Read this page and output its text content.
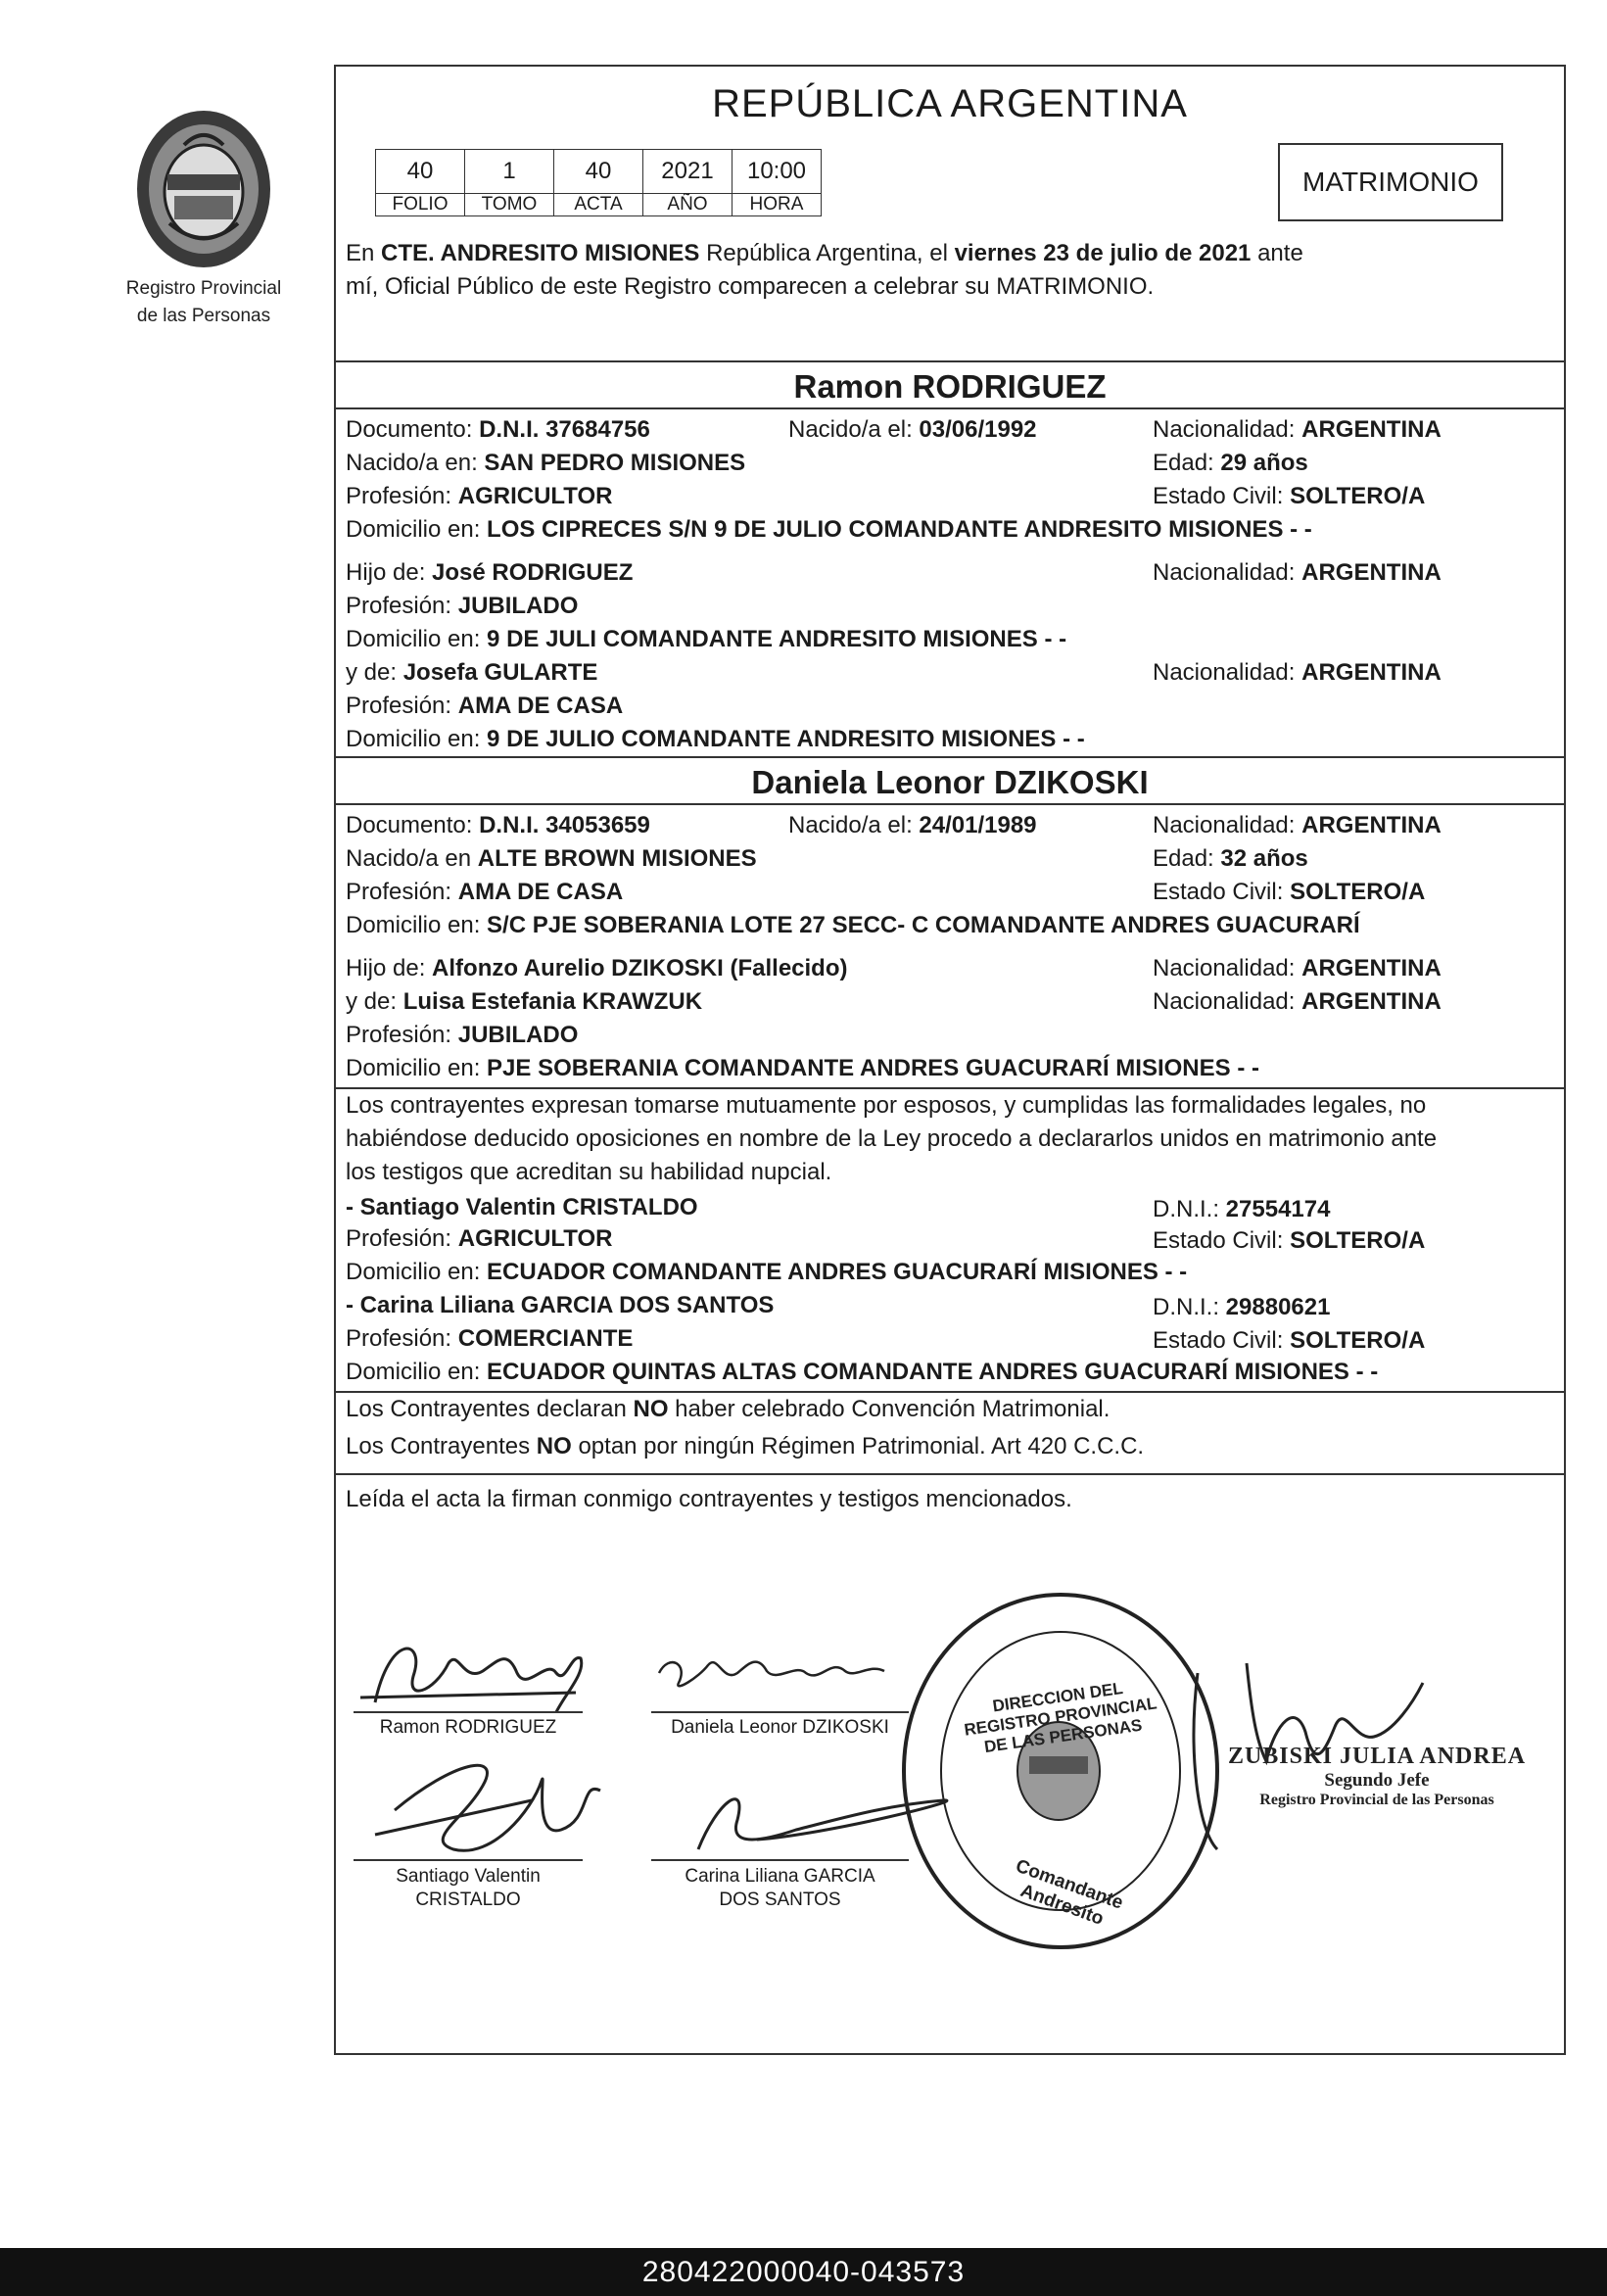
Registro Provincial
de las Personas
REPÚBLICA ARGENTINA
40	1	40	2021	10:00
FOLIO	TOMO	ACTA	AÑO	HORA
MATRIMONIO
En CTE. ANDRESITO MISIONES República Argentina, el viernes 23 de julio de 2021 ante
mí, Oficial Público de este Registro comparecen a celebrar su MATRIMONIO.
Ramon RODRIGUEZ
Documento: D.N.I. 37684756	Nacido/a el: 03/06/1992	Nacionalidad: ARGENTINA
Nacido/a en: SAN PEDRO MISIONES	Edad: 29 años
Profesión: AGRICULTOR	Estado Civil: SOLTERO/A
Domicilio en: LOS CIPRECES S/N 9 DE JULIO COMANDANTE ANDRESITO MISIONES - -
Hijo de: José RODRIGUEZ	Nacionalidad: ARGENTINA
Profesión: JUBILADO
Domicilio en: 9 DE JULI COMANDANTE ANDRESITO MISIONES - -
y de: Josefa GULARTE	Nacionalidad: ARGENTINA
Profesión: AMA DE CASA
Domicilio en: 9 DE JULIO COMANDANTE ANDRESITO MISIONES - -
Daniela Leonor DZIKOSKI
Documento: D.N.I. 34053659	Nacido/a el: 24/01/1989	Nacionalidad: ARGENTINA
Nacido/a en ALTE BROWN MISIONES	Edad: 32 años
Profesión: AMA DE CASA	Estado Civil: SOLTERO/A
Domicilio en: S/C PJE SOBERANIA LOTE 27 SECC- C COMANDANTE ANDRES GUACURARÍ
Hijo de: Alfonzo Aurelio DZIKOSKI (Fallecido)	Nacionalidad: ARGENTINA
y de: Luisa Estefania KRAWZUK	Nacionalidad: ARGENTINA
Profesión: JUBILADO
Domicilio en: PJE SOBERANIA COMANDANTE ANDRES GUACURARÍ MISIONES - -
Los contrayentes expresan tomarse mutuamente por esposos, y cumplidas las formalidades legales, no
habiéndose deducido oposiciones en nombre de la Ley procedo a declararlos unidos en matrimonio ante
los testigos que acreditan su habilidad nupcial.
- Santiago Valentin CRISTALDO	D.N.I.: 27554174
Profesión: AGRICULTOR	Estado Civil: SOLTERO/A
Domicilio en: ECUADOR COMANDANTE ANDRES GUACURARÍ MISIONES - -
- Carina Liliana GARCIA DOS SANTOS	D.N.I.: 29880621
Profesión: COMERCIANTE	Estado Civil: SOLTERO/A
Domicilio en: ECUADOR QUINTAS ALTAS COMANDANTE ANDRES GUACURARÍ MISIONES - -
Los Contrayentes declaran NO haber celebrado Convención Matrimonial.
Los Contrayentes NO optan por ningún Régimen Patrimonial. Art 420 C.C.C.
Leída el acta la firman conmigo contrayentes y testigos mencionados.
DIRECCION DEL REGISTRO PROVINCIAL DE LAS PERSONAS
Comandante Andresito
ZUBISKI JULIA ANDREA
Segundo Jefe
Registro Provincial de las Personas
Ramon RODRIGUEZ	Daniela Leonor DZIKOSKI
Santiago Valentin
CRISTALDO
Carina Liliana GARCIA
DOS SANTOS
280422000040-043573
